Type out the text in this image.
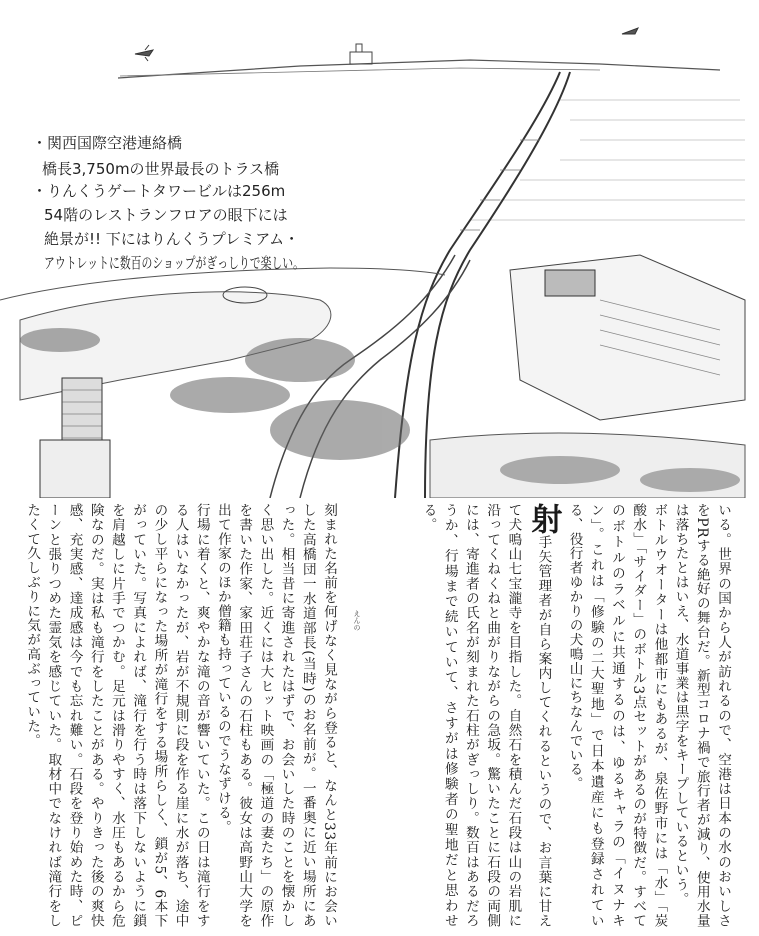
・関西国際空港連絡橋
橋長3,750mの世界最長のトラス橋
・りんくうゲートタワービルは256m
54階のレストランフロアの眼下には
絶景が!! 下にはりんくうプレミアム・
アウトレットに数百のショップがぎっしりで楽しい。

いる。世界の国から人が訪れるので、空港は日本の水のおいしさをPRする絶好の舞台だ。新型コロナ禍で旅行者が減り、使用水量は落ちたとはいえ、水道事業は黒字をキープしているという。

ボトルウオーターは他都市にもあるが、泉佐野市には「水」「炭酸水」「サイダー」のボトル3点セットがあるのが特徴だ。すべてのボトルのラベルに共通するのは、ゆるキャラの「イヌナキン」。これは「修験の二大聖地」で日本遺産にも登録されている、役行者ゆかりの犬鳴山にちなんでいる。

射手矢管理者が自ら案内してくれるというので、お言葉に甘えて犬鳴山七宝瀧寺を目指した。自然石を積んだ石段は山の岩肌に沿ってくねくねと曲がりながらの急坂。驚いたことに石段の両側には、寄進者の氏名が刻まれた石柱がぎっしり。数百はあるだろうか、行場まで続いていて、さすがは修験者の聖地だと思わせる。

刻まれた名前を何げなく見ながら登ると、なんと33年前にお会いした高橋団一水道部長(当時)のお名前が。一番奥に近い場所にあった。相当昔に寄進されたはずで、お会いした時のことを懐かしく思い出した。近くには大ヒット映画の「極道の妻たち」の原作を書いた作家、家田荘子さんの石柱もある。彼女は高野山大学を出て作家のほか僧籍も持っているのでうなずける。

行場に着くと、爽やかな滝の音が響いていた。この日は滝行をする人はいなかったが、岩が不規則に段を作る崖に水が落ち、途中の少し平らになった場所が滝行をする場所らしく、鎖が5、6本下がっていた。写真によれば、滝行を行う時は落下しないように鎖を肩越しに片手でつかむ。足元は滑りやすく、水圧もあるから危険なのだ。実は私も滝行をしたことがある。やりきった後の爽快感、充実感、達成感は今でも忘れ難い。石段を登り始めた時、ピーンと張りつめた霊気を感じていた。取材中でなければ滝行をしたくて久しぶりに気が高ぶっていた。	えんの
